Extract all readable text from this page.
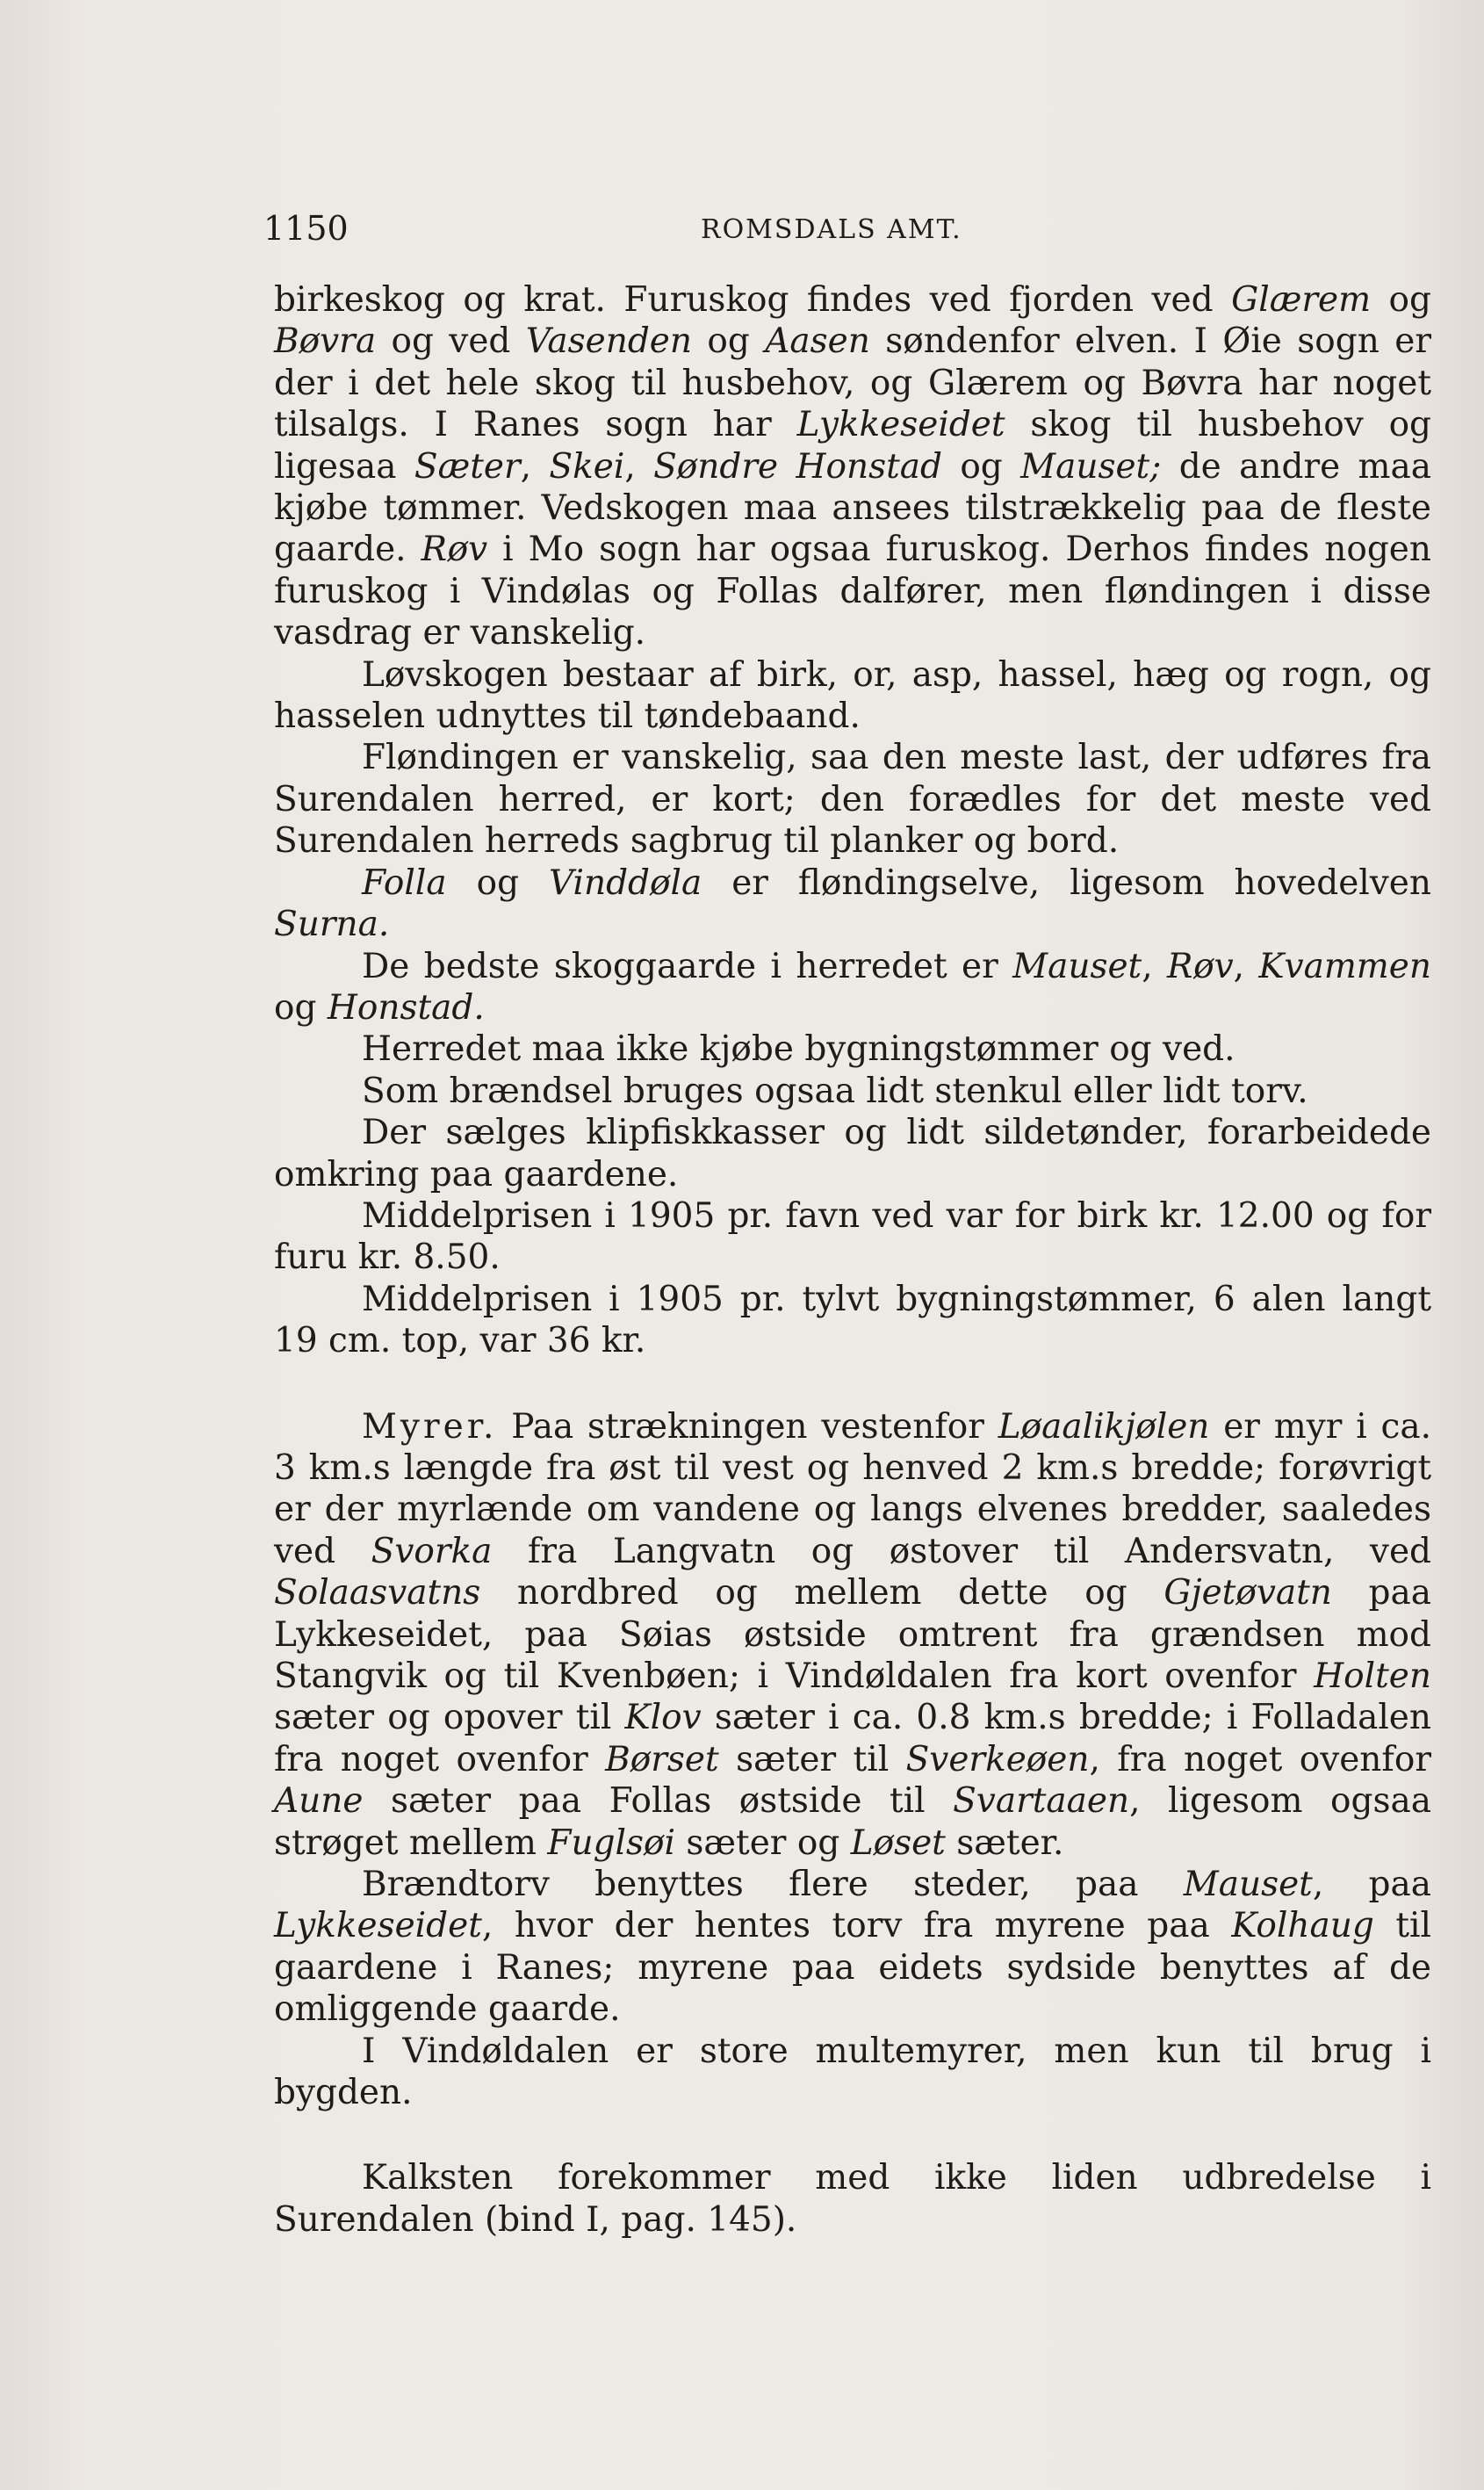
1150	ROMSDALS AMT.

birkeskog og krat. Furuskog findes ved fjorden ved Glærem og Bøvra og ved Vasenden og Aasen søndenfor elven. I Øie sogn er der i det hele skog til husbehov, og Glærem og Bøvra har noget tilsalgs. I Ranes sogn har Lykkeseidet skog til husbehov og ligesaa Sæter, Skei, Søndre Honstad og Mauset; de andre maa kjøbe tømmer. Vedskogen maa ansees tilstrækkelig paa de fleste gaarde. Røv i Mo sogn har ogsaa furuskog. Derhos findes nogen furuskog i Vindølas og Follas dalfører, men fløndingen i disse vasdrag er vanskelig.

Løvskogen bestaar af birk, or, asp, hassel, hæg og rogn, og hasselen udnyttes til tøndebaand.

Fløndingen er vanskelig, saa den meste last, der udføres fra Surendalen herred, er kort; den forædles for det meste ved Surendalen herreds sagbrug til planker og bord.

Folla og Vinddøla er fløndingselve, ligesom hovedelven Surna.

De bedste skoggaarde i herredet er Mauset, Røv, Kvammen og Honstad.

Herredet maa ikke kjøbe bygningstømmer og ved.

Som brændsel bruges ogsaa lidt stenkul eller lidt torv.

Der sælges klipfiskkasser og lidt sildetønder, forarbeidede omkring paa gaardene.

Middelprisen i 1905 pr. favn ved var for birk kr. 12.00 og for furu kr. 8.50.

Middelprisen i 1905 pr. tylvt bygningstømmer, 6 alen langt 19 cm. top, var 36 kr.

Myrer. Paa strækningen vestenfor Løaalikjølen er myr i ca. 3 km.s længde fra øst til vest og henved 2 km.s bredde; forøvrigt er der myrlænde om vandene og langs elvenes bredder, saaledes ved Svorka fra Langvatn og østover til Andersvatn, ved Solaasvatns nordbred og mellem dette og Gjetøvatn paa Lykkeseidet, paa Søias østside omtrent fra grændsen mod Stangvik og til Kvenbøen; i Vindøldalen fra kort ovenfor Holten sæter og opover til Klov sæter i ca. 0.8 km.s bredde; i Folladalen fra noget ovenfor Børset sæter til Sverkeøen, fra noget ovenfor Aune sæter paa Follas østside til Svartaaen, ligesom ogsaa strøget mellem Fuglsøi sæter og Løset sæter.

Brændtorv benyttes flere steder, paa Mauset, paa Lykkeseidet, hvor der hentes torv fra myrene paa Kolhaug til gaardene i Ranes; myrene paa eidets sydside benyttes af de omliggende gaarde.

I Vindøldalen er store multemyrer, men kun til brug i bygden.

Kalksten forekommer med ikke liden udbredelse i Surendalen (bind I, pag. 145).
